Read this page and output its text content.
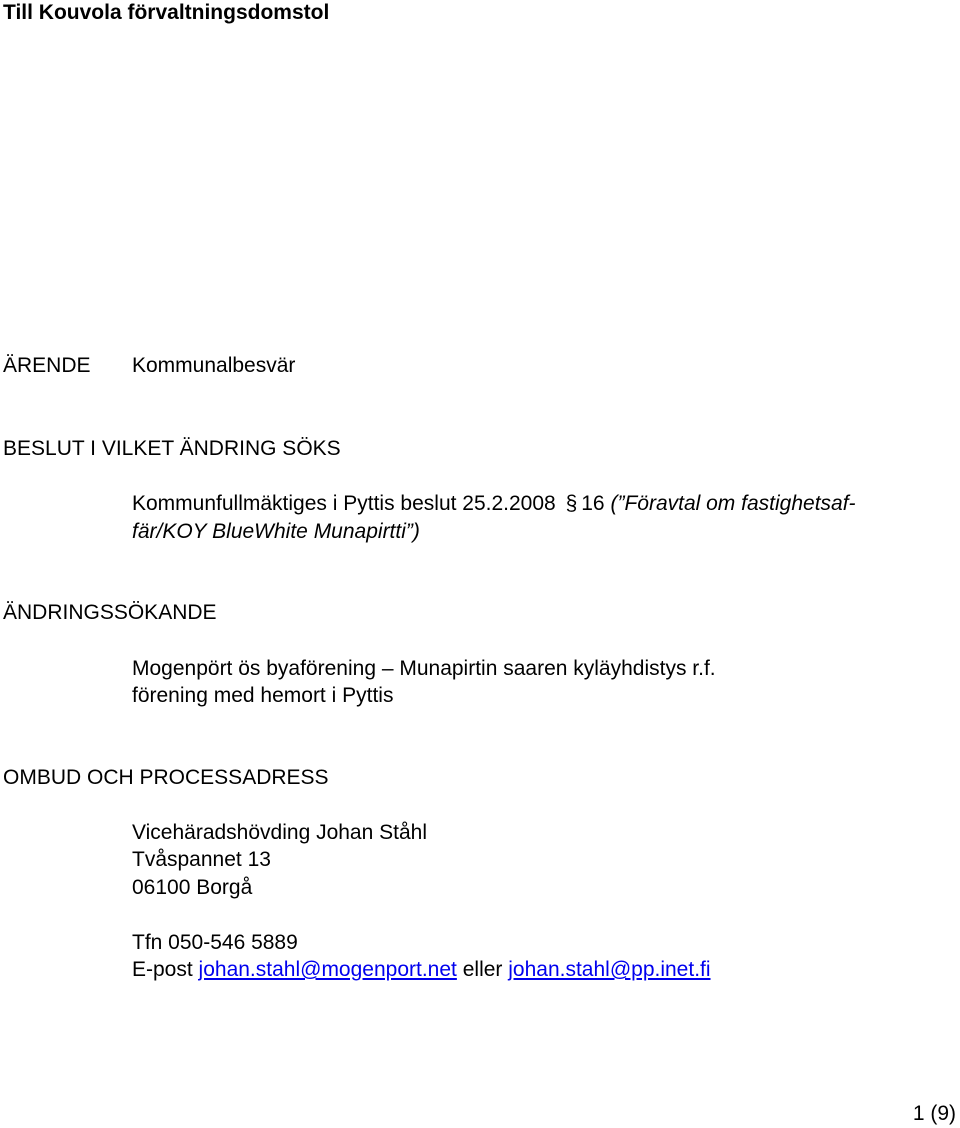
Till Kouvola förvaltningsdomstol
ÄRENDE Kommunalbesvär
BESLUT I VILKET ÄNDRING SÖKS
Kommunfullmäktiges i Pyttis beslut 25.2.2008 § 16 (”Föravtal om fastighetsaf-
fär/KOY BlueWhite Munapirtti”)
ÄNDRINGSSÖKANDE
Mogenpört ös byaförening – Munapirtin saaren kyläyhdistys r.f.
förening med hemort i Pyttis
OMBUD OCH PROCESSADRESS
Vicehäradshövding Johan Ståhl
Tvåspannet 13
06100 Borgå
Tfn 050-546 5889
E-post johan.stahl@mogenport.net eller johan.stahl@pp.inet.fi
1 (9)
